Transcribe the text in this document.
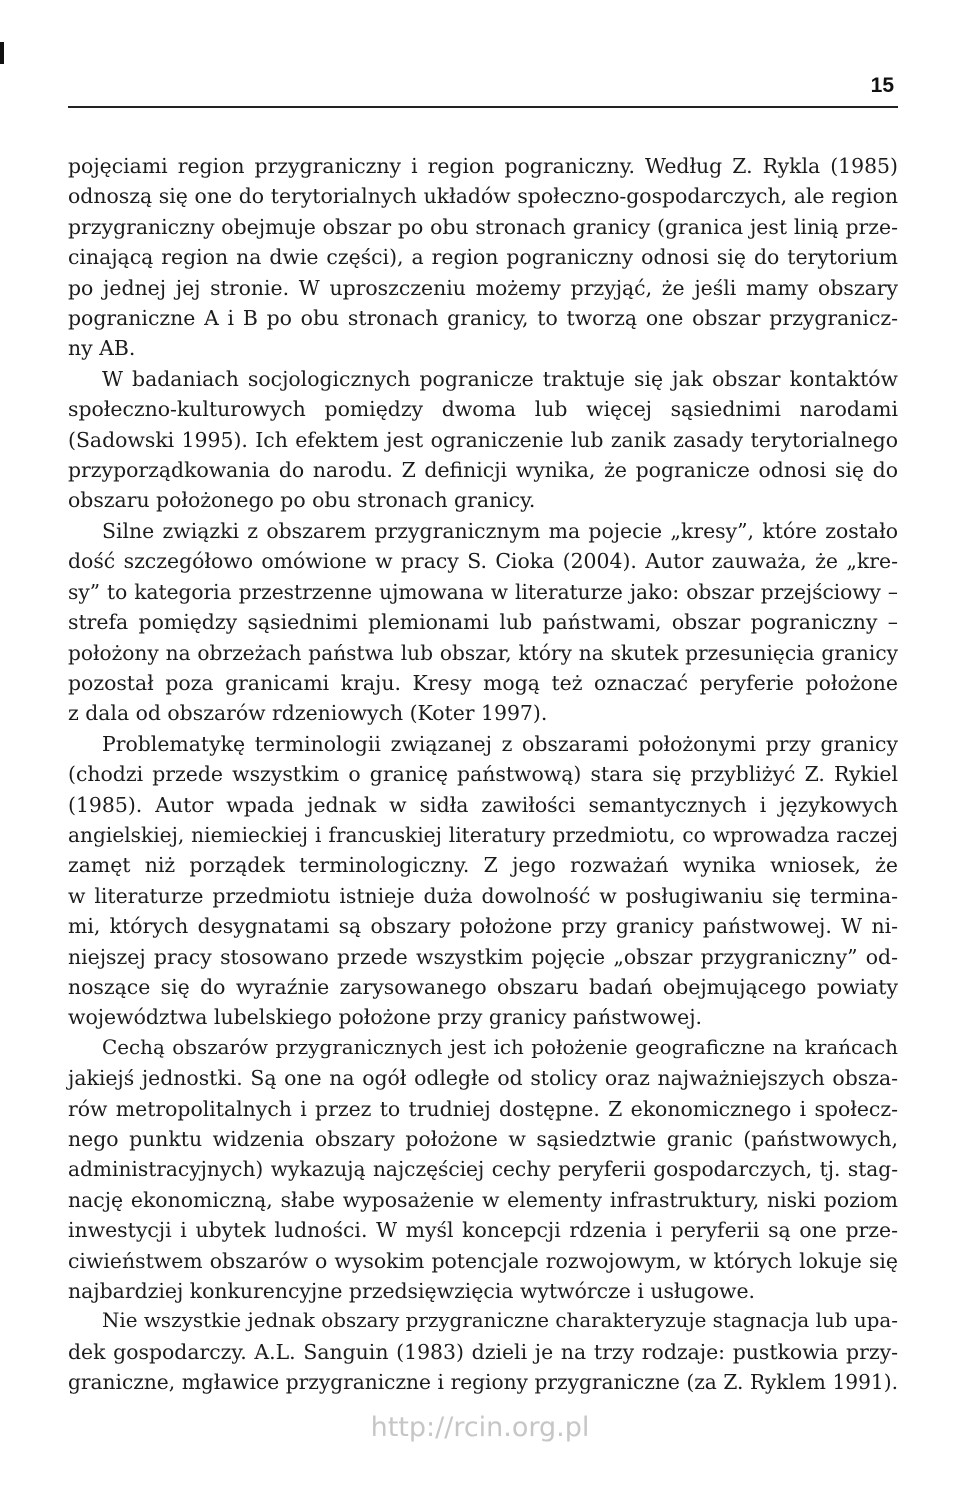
15
pojęciami region przygraniczny i region pograniczny. Według Z. Rykla (1985)
odnoszą się one do terytorialnych układów społeczno-gospodarczych, ale region
przygraniczny obejmuje obszar po obu stronach granicy (granica jest linią prze-
cinającą region na dwie części), a region pograniczny odnosi się do terytorium
po jednej jej stronie. W uproszczeniu możemy przyjąć, że jeśli mamy obszary
pograniczne A i B po obu stronach granicy, to tworzą one obszar przygranicz-
ny AB.
W badaniach socjologicznych pogranicze traktuje się jak obszar kontaktów
społeczno-kulturowych pomiędzy dwoma lub więcej sąsiednimi narodami
(Sadowski 1995). Ich efektem jest ograniczenie lub zanik zasady terytorialnego
przyporządkowania do narodu. Z definicji wynika, że pogranicze odnosi się do
obszaru położonego po obu stronach granicy.
Silne związki z obszarem przygranicznym ma pojecie „kresy”, które zostało
dość szczegółowo omówione w pracy S. Cioka (2004). Autor zauważa, że „kre-
sy” to kategoria przestrzenne ujmowana w literaturze jako: obszar przejściowy –
strefa pomiędzy sąsiednimi plemionami lub państwami, obszar pograniczny –
położony na obrzeżach państwa lub obszar, który na skutek przesunięcia granicy
pozostał poza granicami kraju. Kresy mogą też oznaczać peryferie położone
z dala od obszarów rdzeniowych (Koter 1997).
Problematykę terminologii związanej z obszarami położonymi przy granicy
(chodzi przede wszystkim o granicę państwową) stara się przybliżyć Z. Rykiel
(1985). Autor wpada jednak w sidła zawiłości semantycznych i językowych
angielskiej, niemieckiej i francuskiej literatury przedmiotu, co wprowadza raczej
zamęt niż porządek terminologiczny. Z jego rozważań wynika wniosek, że
w literaturze przedmiotu istnieje duża dowolność w posługiwaniu się termina-
mi, których desygnatami są obszary położone przy granicy państwowej. W ni-
niejszej pracy stosowano przede wszystkim pojęcie „obszar przygraniczny” od-
noszące się do wyraźnie zarysowanego obszaru badań obejmującego powiaty
województwa lubelskiego położone przy granicy państwowej.
Cechą obszarów przygranicznych jest ich położenie geograficzne na krańcach
jakiejś jednostki. Są one na ogół odległe od stolicy oraz najważniejszych obsza-
rów metropolitalnych i przez to trudniej dostępne. Z ekonomicznego i społecz-
nego punktu widzenia obszary położone w sąsiedztwie granic (państwowych,
administracyjnych) wykazują najczęściej cechy peryferii gospodarczych, tj. stag-
nację ekonomiczną, słabe wyposażenie w elementy infrastruktury, niski poziom
inwestycji i ubytek ludności. W myśl koncepcji rdzenia i peryferii są one prze-
ciwieństwem obszarów o wysokim potencjale rozwojowym, w których lokuje się
najbardziej konkurencyjne przedsięwzięcia wytwórcze i usługowe.
Nie wszystkie jednak obszary przygraniczne charakteryzuje stagnacja lub upa-
dek gospodarczy. A.L. Sanguin (1983) dzieli je na trzy rodzaje: pustkowia przy-
graniczne, mgławice przygraniczne i regiony przygraniczne (za Z. Ryklem 1991).
http://rcin.org.pl
